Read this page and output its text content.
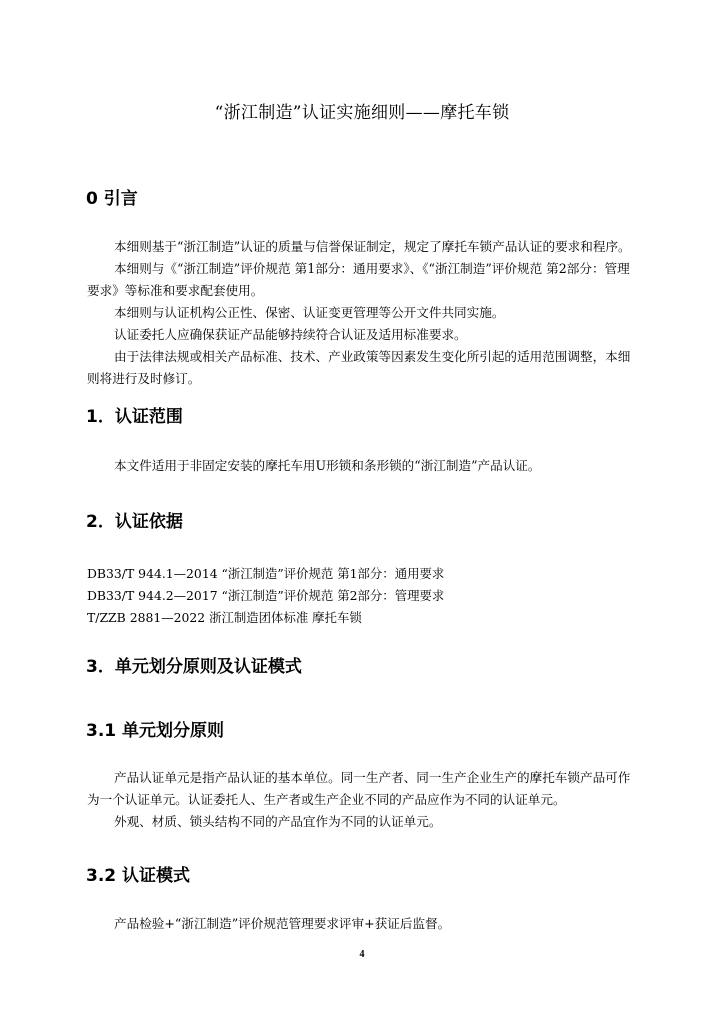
“浙江制造”认证实施细则——摩托车锁
0 引言

本细则基于“浙江制造”认证的质量与信誉保证制定，规定了摩托车锁产品认证的要求和程序。

本细则与《“浙江制造”评价规范 第1部分：通用要求》、《“浙江制造”评价规范 第2部分：管理要求》等标准和要求配套使用。

本细则与认证机构公正性、保密、认证变更管理等公开文件共同实施。

认证委托人应确保获证产品能够持续符合认证及适用标准要求。

由于法律法规或相关产品标准、技术、产业政策等因素发生变化所引起的适用范围调整，本细则将进行及时修订。

1．认证范围

本文件适用于非固定安装的摩托车用U形锁和条形锁的“浙江制造”产品认证。

2．认证依据
DB33/T 944.1—2014 “浙江制造”评价规范 第1部分：通用要求
DB33/T 944.2—2017 “浙江制造”评价规范 第2部分：管理要求
T/ZZB 2881—2022 浙江制造团体标准 摩托车锁
3．单元划分原则及认证模式
3.1 单元划分原则

产品认证单元是指产品认证的基本单位。同一生产者、同一生产企业生产的摩托车锁产品可作为一个认证单元。认证委托人、生产者或生产企业不同的产品应作为不同的认证单元。

外观、材质、锁头结构不同的产品宜作为不同的认证单元。

3.2 认证模式

产品检验+“浙江制造”评价规范管理要求评审+获证后监督。

4
